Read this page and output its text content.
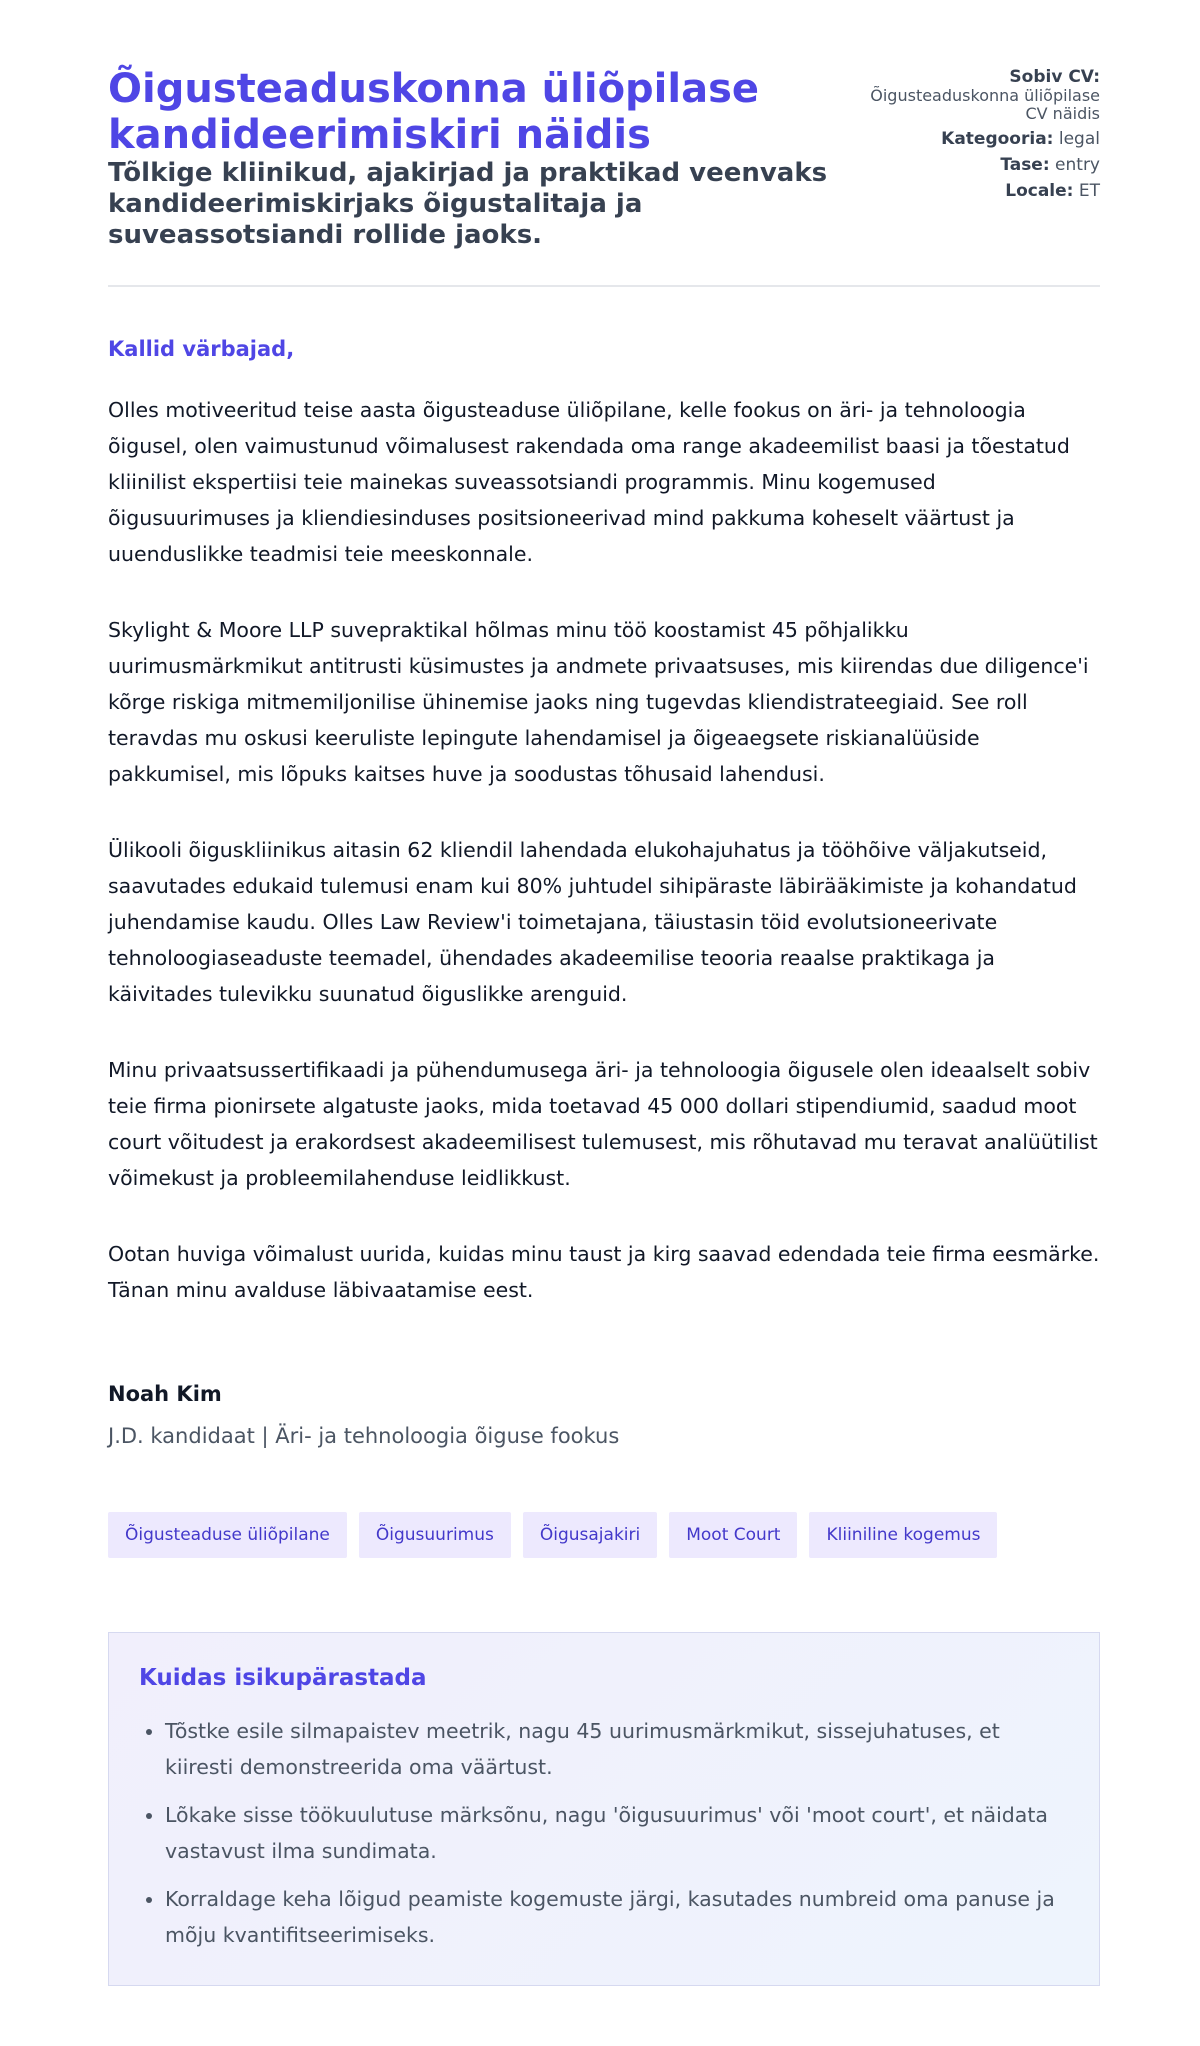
Õigusteaduskonna üliõpilase kandideerimiskiri näidis
Tõlkige kliinikud, ajakirjad ja praktikad veenvaks kandideerimiskirjaks õigustalitaja ja suveassotsiandi rollide jaoks.
Sobiv CV:
Õigusteaduskonna üliõpilase CV näidis
Kategooria: legal
Tase: entry
Locale: ET

Kallid värbajad,

Olles motiveeritud teise aasta õigusteaduse üliõpilane, kelle fookus on äri- ja tehnoloogia õigusel, olen vaimustunud võimalusest rakendada oma range akadeemilist baasi ja tõestatud kliinilist ekspertiisi teie mainekas suveassotsiandi programmis. Minu kogemused õigusuurimuses ja kliendiesinduses positsioneerivad mind pakkuma koheselt väärtust ja uuenduslikke teadmisi teie meeskonnale.

Skylight & Moore LLP suvepraktikal hõlmas minu töö koostamist 45 põhjalikku uurimusmärkmikut antitrusti küsimustes ja andmete privaatsuses, mis kiirendas due diligence'i kõrge riskiga mitmemiljonilise ühinemise jaoks ning tugevdas kliendistrateegiaid. See roll teravdas mu oskusi keeruliste lepingute lahendamisel ja õigeaegsete riskianalüüside pakkumisel, mis lõpuks kaitses huve ja soodustas tõhusaid lahendusi.

Ülikooli õiguskliinikus aitasin 62 kliendil lahendada elukohajuhatus ja tööhõive väljakutseid, saavutades edukaid tulemusi enam kui 80% juhtudel sihipäraste läbirääkimiste ja kohandatud juhendamise kaudu. Olles Law Review'i toimetajana, täiustasin töid evolutsioneerivate tehnoloogiaseaduste teemadel, ühendades akadeemilise teooria reaalse praktikaga ja käivitades tulevikku suunatud õiguslikke arenguid.

Minu privaatsussertifikaadi ja pühendumusega äri- ja tehnoloogia õigusele olen ideaalselt sobiv teie firma pionirsete algatuste jaoks, mida toetavad 45 000 dollari stipendiumid, saadud moot court võitudest ja erakordsest akadeemilisest tulemusest, mis rõhutavad mu teravat analüütilist võimekust ja probleemilahenduse leidlikkust.

Ootan huviga võimalust uurida, kuidas minu taust ja kirg saavad edendada teie firma eesmärke. Tänan minu avalduse läbivaatamise eest.

Noah Kim

J.D. kandidaat | Äri- ja tehnoloogia õiguse fookus

Õigusteaduse üliõpilane	Õigusuurimus	Õigusajakiri	Moot Court	Kliiniline kogemus
Kuidas isikupärastada
• Tõstke esile silmapaistev meetrik, nagu 45 uurimusmärkmikut, sissejuhatuses, et kiiresti demonstreerida oma väärtust.
• Lõkake sisse töökuulutuse märksõnu, nagu 'õigusuurimus' või 'moot court', et näidata vastavust ilma sundimata.
• Korraldage keha lõigud peamiste kogemuste järgi, kasutades numbreid oma panuse ja mõju kvantifitseerimiseks.
